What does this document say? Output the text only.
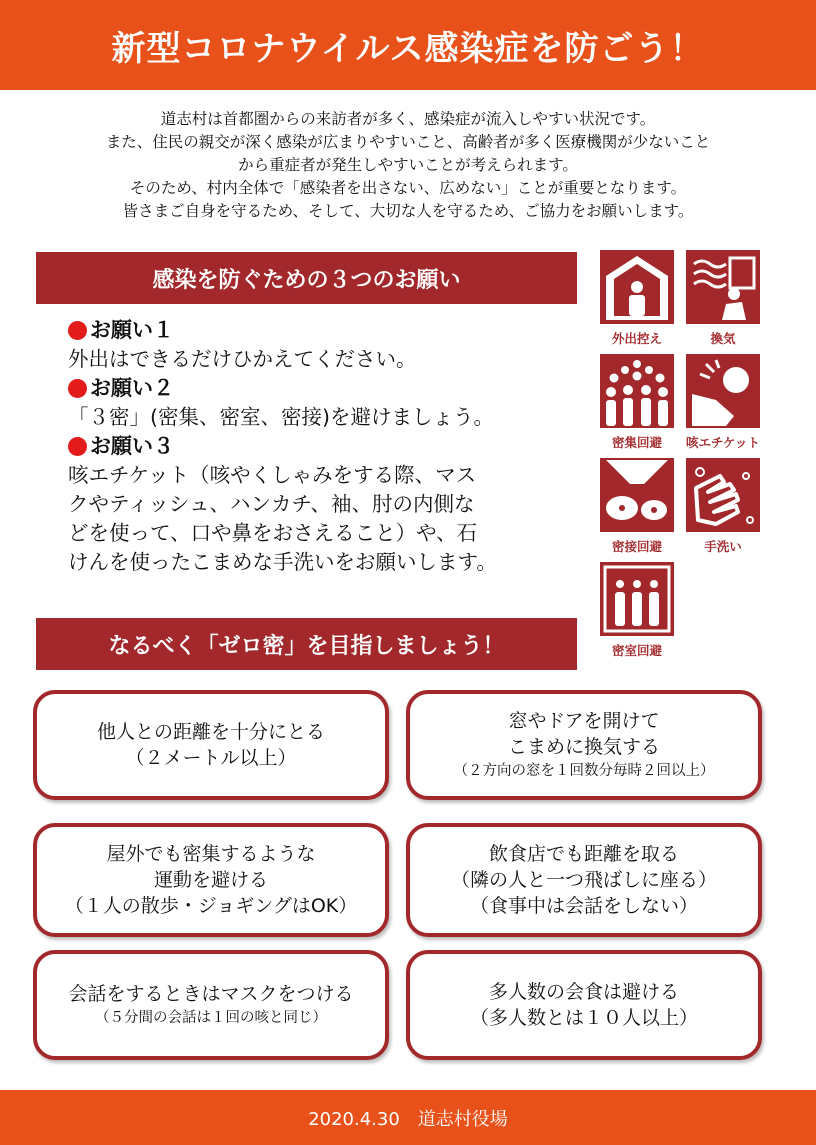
新型コロナウイルス感染症を防ごう！

道志村は首都圏からの来訪者が多く、感染症が流入しやすい状況です。

また、住民の親交が深く感染が広まりやすいこと、高齢者が多く医療機関が少ないこと

から重症者が発生しやすいことが考えられます。

そのため、村内全体で「感染者を出さない、広めない」ことが重要となります。

皆さまご自身を守るため、そして、大切な人を守るため、ご協力をお願いします。

感染を防ぐための３つのお願い
お願い１
外出はできるだけひかえてください。
お願い２
「３密」(密集、密室、密接)を避けましょう。
お願い３
咳エチケット（咳やくしゃみをする際、マス
クやティッシュ、ハンカチ、袖、肘の内側な
どを使って、口や鼻をおさえること）や、石
けんを使ったこまめな手洗いをお願いします。
外出控え	換気
密集回避	咳エチケット
密接回避	手洗い
密室回避
なるべく「ゼロ密」を目指しましょう！
他人との距離を十分にとる
（２メートル以上）
窓やドアを開けて
こまめに換気する
（２方向の窓を１回数分毎時２回以上）
屋外でも密集するような
運動を避ける
（１人の散歩・ジョギングはOK）
飲食店でも距離を取る
（隣の人と一つ飛ばしに座る）
（食事中は会話をしない）
会話をするときはマスクをつける
（５分間の会話は１回の咳と同じ）
多人数の会食は避ける
（多人数とは１０人以上）
2020.4.30　道志村役場
